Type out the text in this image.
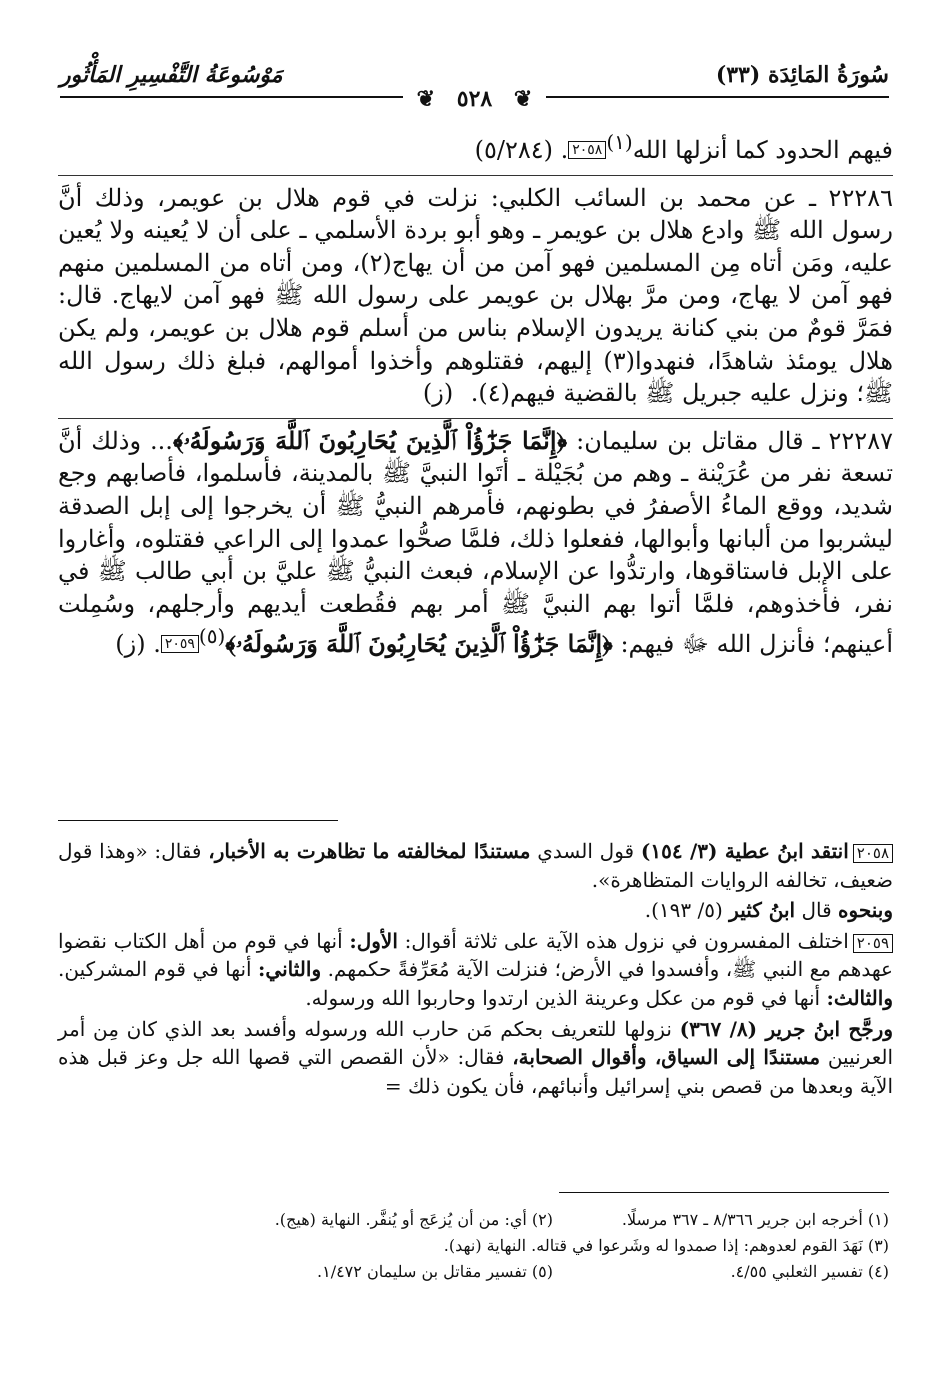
سُورَةُ المَائِدَة (٣٣)
مَوْسُوعَةُ التَّفْسِيرِ المَأْثُور
❦ ٥٢٨ ❦

فيهم الحدود كما أنزلها الله$^{(١)}$٢٠٥٨. (٥/٢٨٤)

٢٢٢٨٦ ـ عن محمد بن السائب الكلبي: نزلت في قوم هلال بن عويمر، وذلك أنَّ رسول الله ﷺ وادع هلال بن عويمر ـ وهو أبو بردة الأسلمي ـ على أن لا يُعينه ولا يُعين عليه، ومَن أتاه مِن المسلمين فهو آمن من أن يهاج(٢)، ومن أتاه من المسلمين منهم فهو آمن لا يهاج، ومن مرَّ بهلال بن عويمر على رسول الله ﷺ فهو آمن لايهاج. قال: فمَرَّ قومٌ من بني كنانة يريدون الإسلام بناس من أسلم قوم هلال بن عويمر، ولم يكن هلال يومئذ شاهدًا، فنهدوا(٣) إليهم، فقتلوهم وأخذوا أموالهم، فبلغ ذلك رسول الله ﷺ؛ ونزل عليه جبريل ﷺ بالقضية فيهم(٤). (ز)

٢٢٢٨٧ ـ قال مقاتل بن سليمان: ﴿إِنَّمَا جَزَٰٓؤُاْ ٱلَّذِينَ يُحَارِبُونَ ٱللَّهَ وَرَسُولَهُۥ﴾... وذلك أنَّ تسعة نفر من عُرَيْنة ـ وهم من بُجَيْلة ـ أتَوا النبيَّ ﷺ بالمدينة، فأسلموا، فأصابهم وجع شديد، ووقع الماءُ الأصفرُ في بطونهم، فأمرهم النبيُّ ﷺ أن يخرجوا إلى إبل الصدقة ليشربوا من ألبانها وأبوالها، ففعلوا ذلك، فلمَّا صحُّوا عمدوا إلى الراعي فقتلوه، وأغاروا على الإبل فاستاقوها، وارتدُّوا عن الإسلام، فبعث النبيُّ ﷺ عليَّ بن أبي طالب ﷺ في نفر، فأخذوهم، فلمَّا أتوا بهم النبيَّ ﷺ أمر بهم فقُطعت أيديهم وأرجلهم، وسُمِلت أعينهم؛ فأنزل الله ﷻ فيهم: ﴿إِنَّمَا جَزَٰٓؤُاْ ٱلَّذِينَ يُحَارِبُونَ ٱللَّهَ وَرَسُولَهُۥ﴾$^{(٥)}$٢٠٥٩. (ز)

٢٠٥٨انتقد ابنُ عطية (٣/ ١٥٤) قول السدي مستندًا لمخالفته ما تظاهرت به الأخبار، فقال: «وهذا قول ضعيف، تخالفه الروايات المتظاهرة».

وبنحوه قال ابنُ كثير (٥/ ١٩٣).

٢٠٥٩اختلف المفسرون في نزول هذه الآية على ثلاثة أقوال: الأول: أنها في قوم من أهل الكتاب نقضوا عهدهم مع النبي ﷺ، وأفسدوا في الأرض؛ فنزلت الآية مُعَرِّفةً حكمهم. والثاني: أنها في قوم المشركين. والثالث: أنها في قوم من عكل وعرينة الذين ارتدوا وحاربوا الله ورسوله.

ورجَّح ابنُ جرير (٨/ ٣٦٧) نزولها للتعريف بحكم مَن حارب الله ورسوله وأفسد بعد الذي كان مِن أمر العرنيين مستندًا إلى السياق، وأقوال الصحابة، فقال: «لأن القصص التي قصها الله جل وعز قبل هذه الآية وبعدها من قصص بني إسرائيل وأنبائهم، فأن يكون ذلك =

(١) أخرجه ابن جرير ٨/٣٦٦ ـ ٣٦٧ مرسلًا.
(٢) أي: من أن يُزعَج أو يُنفَّر. النهاية (هيج).
(٣) نَهَدَ القوم لعدوهم: إذا صمدوا له وشَرعوا في قتاله. النهاية (نهد).
(٤) تفسير الثعلبي ٤/٥٥.
(٥) تفسير مقاتل بن سليمان ١/٤٧٢.
